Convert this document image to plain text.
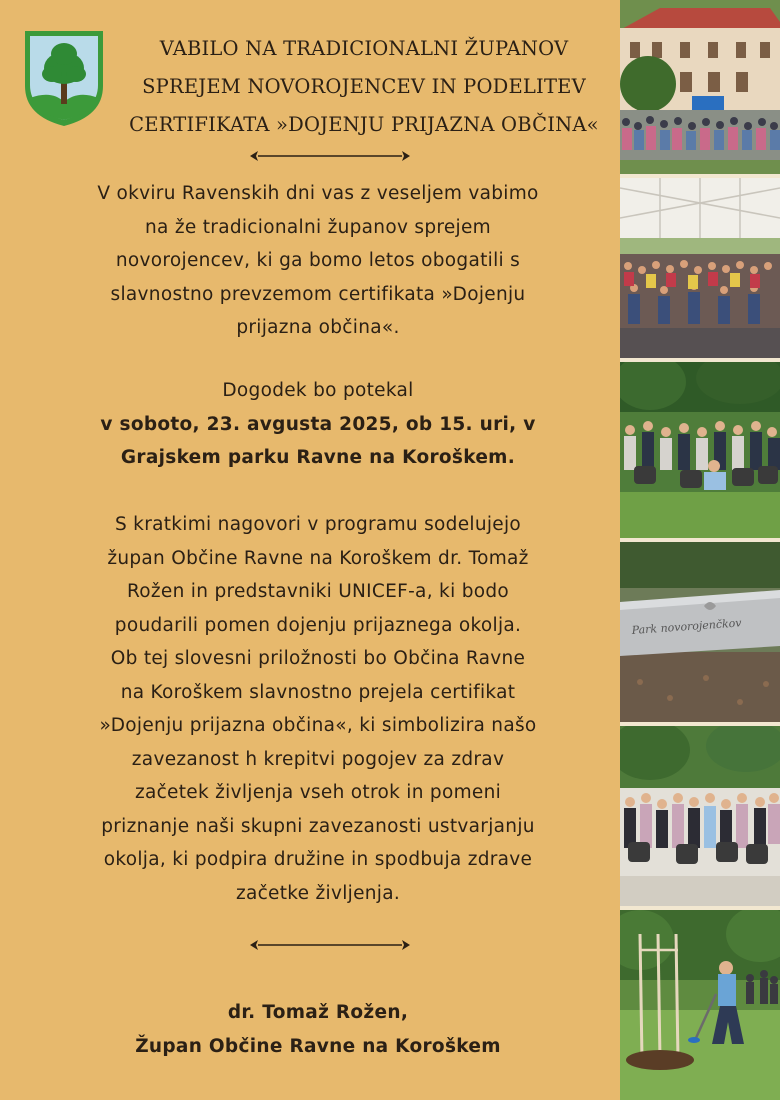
VABILO NA TRADICIONALNI ŽUPANOV
SPREJEM NOVOROJENCEV IN PODELITEV
CERTIFIKATA »DOJENJU PRIJAZNA OBČINA«
V okviru Ravenskih dni vas z veseljem vabimo
na že tradicionalni županov sprejem
novorojencev, ki ga bomo letos obogatili s
slavnostno prevzemom certifikata »Dojenju
prijazna občina«.
Dogodek bo potekal
v soboto, 23. avgusta 2025, ob 15. uri, v
Grajskem parku Ravne na Koroškem.
S kratkimi nagovori v programu sodelujejo
župan Občine Ravne na Koroškem dr. Tomaž
Rožen in predstavniki UNICEF-a, ki bodo
poudarili pomen dojenju prijaznega okolja.
Ob tej slovesni priložnosti bo Občina Ravne
na Koroškem slavnostno prejela certifikat
»Dojenju prijazna občina«, ki simbolizira našo
zavezanost h krepitvi pogojev za zdrav
začetek življenja vseh otrok in pomeni
priznanje naši skupni zavezanosti ustvarjanju
okolja, ki podpira družine in spodbuja zdrave
začetke življenja.
dr. Tomaž Rožen,
Župan Občine Ravne na Koroškem
Park novorojenčkov
